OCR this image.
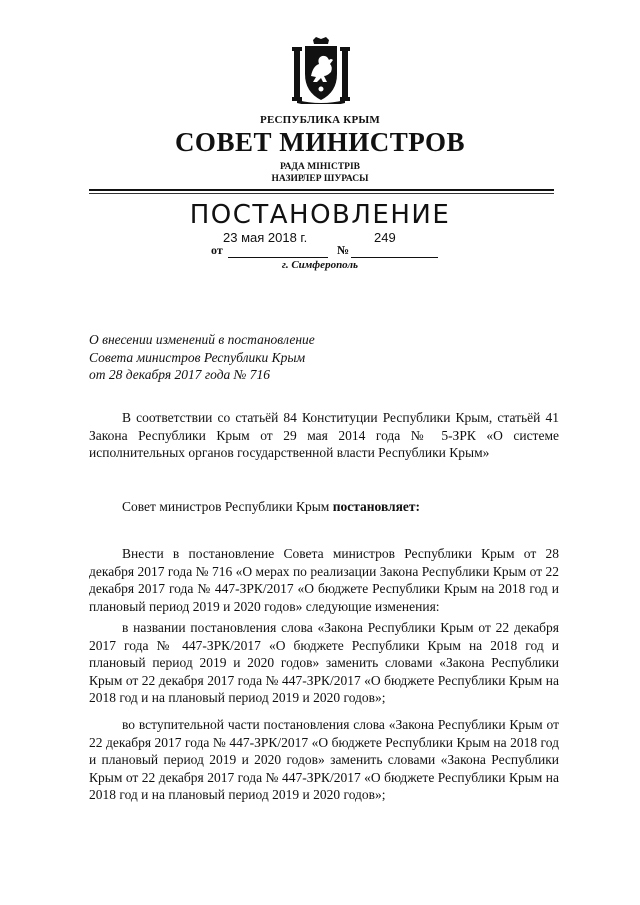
РЕСПУБЛИКА КРЫМ
СОВЕТ МИНИСТРОВ
РАДА МІНІСТРІВ
НАЗИРЛЕР ШУРАСЫ
ПОСТАНОВЛЕНИЕ
от
23 мая 2018 г.
№
249
г. Симферополь
О внесении изменений в постановление
Совета министров Республики Крым
от 28 декабря 2017 года № 716
В соответствии со статьёй 84 Конституции Республики Крым, статьёй 41 Закона Республики Крым от 29 мая 2014 года № 5-ЗРК «О системе исполнительных органов государственной власти Республики Крым»
Совет министров Республики Крым постановляет:
Внести в постановление Совета министров Республики Крым от 28 декабря 2017 года № 716 «О мерах по реализации Закона Республики Крым от 22 декабря 2017 года № 447-ЗРК/2017 «О бюджете Республики Крым на 2018 год и плановый период 2019 и 2020 годов» следующие изменения:
в названии постановления слова «Закона Республики Крым от 22 декабря 2017 года № 447-ЗРК/2017 «О бюджете Республики Крым на 2018 год и плановый период 2019 и 2020 годов» заменить словами «Закона Республики Крым от 22 декабря 2017 года № 447-ЗРК/2017 «О бюджете Республики Крым на 2018 год и на плановый период 2019 и 2020 годов»;
во вступительной части постановления слова «Закона Республики Крым от 22 декабря 2017 года № 447-ЗРК/2017 «О бюджете Республики Крым на 2018 год и плановый период 2019 и 2020 годов» заменить словами «Закона Республики Крым от 22 декабря 2017 года № 447-ЗРК/2017 «О бюджете Республики Крым на 2018 год и на плановый период 2019 и 2020 годов»;
